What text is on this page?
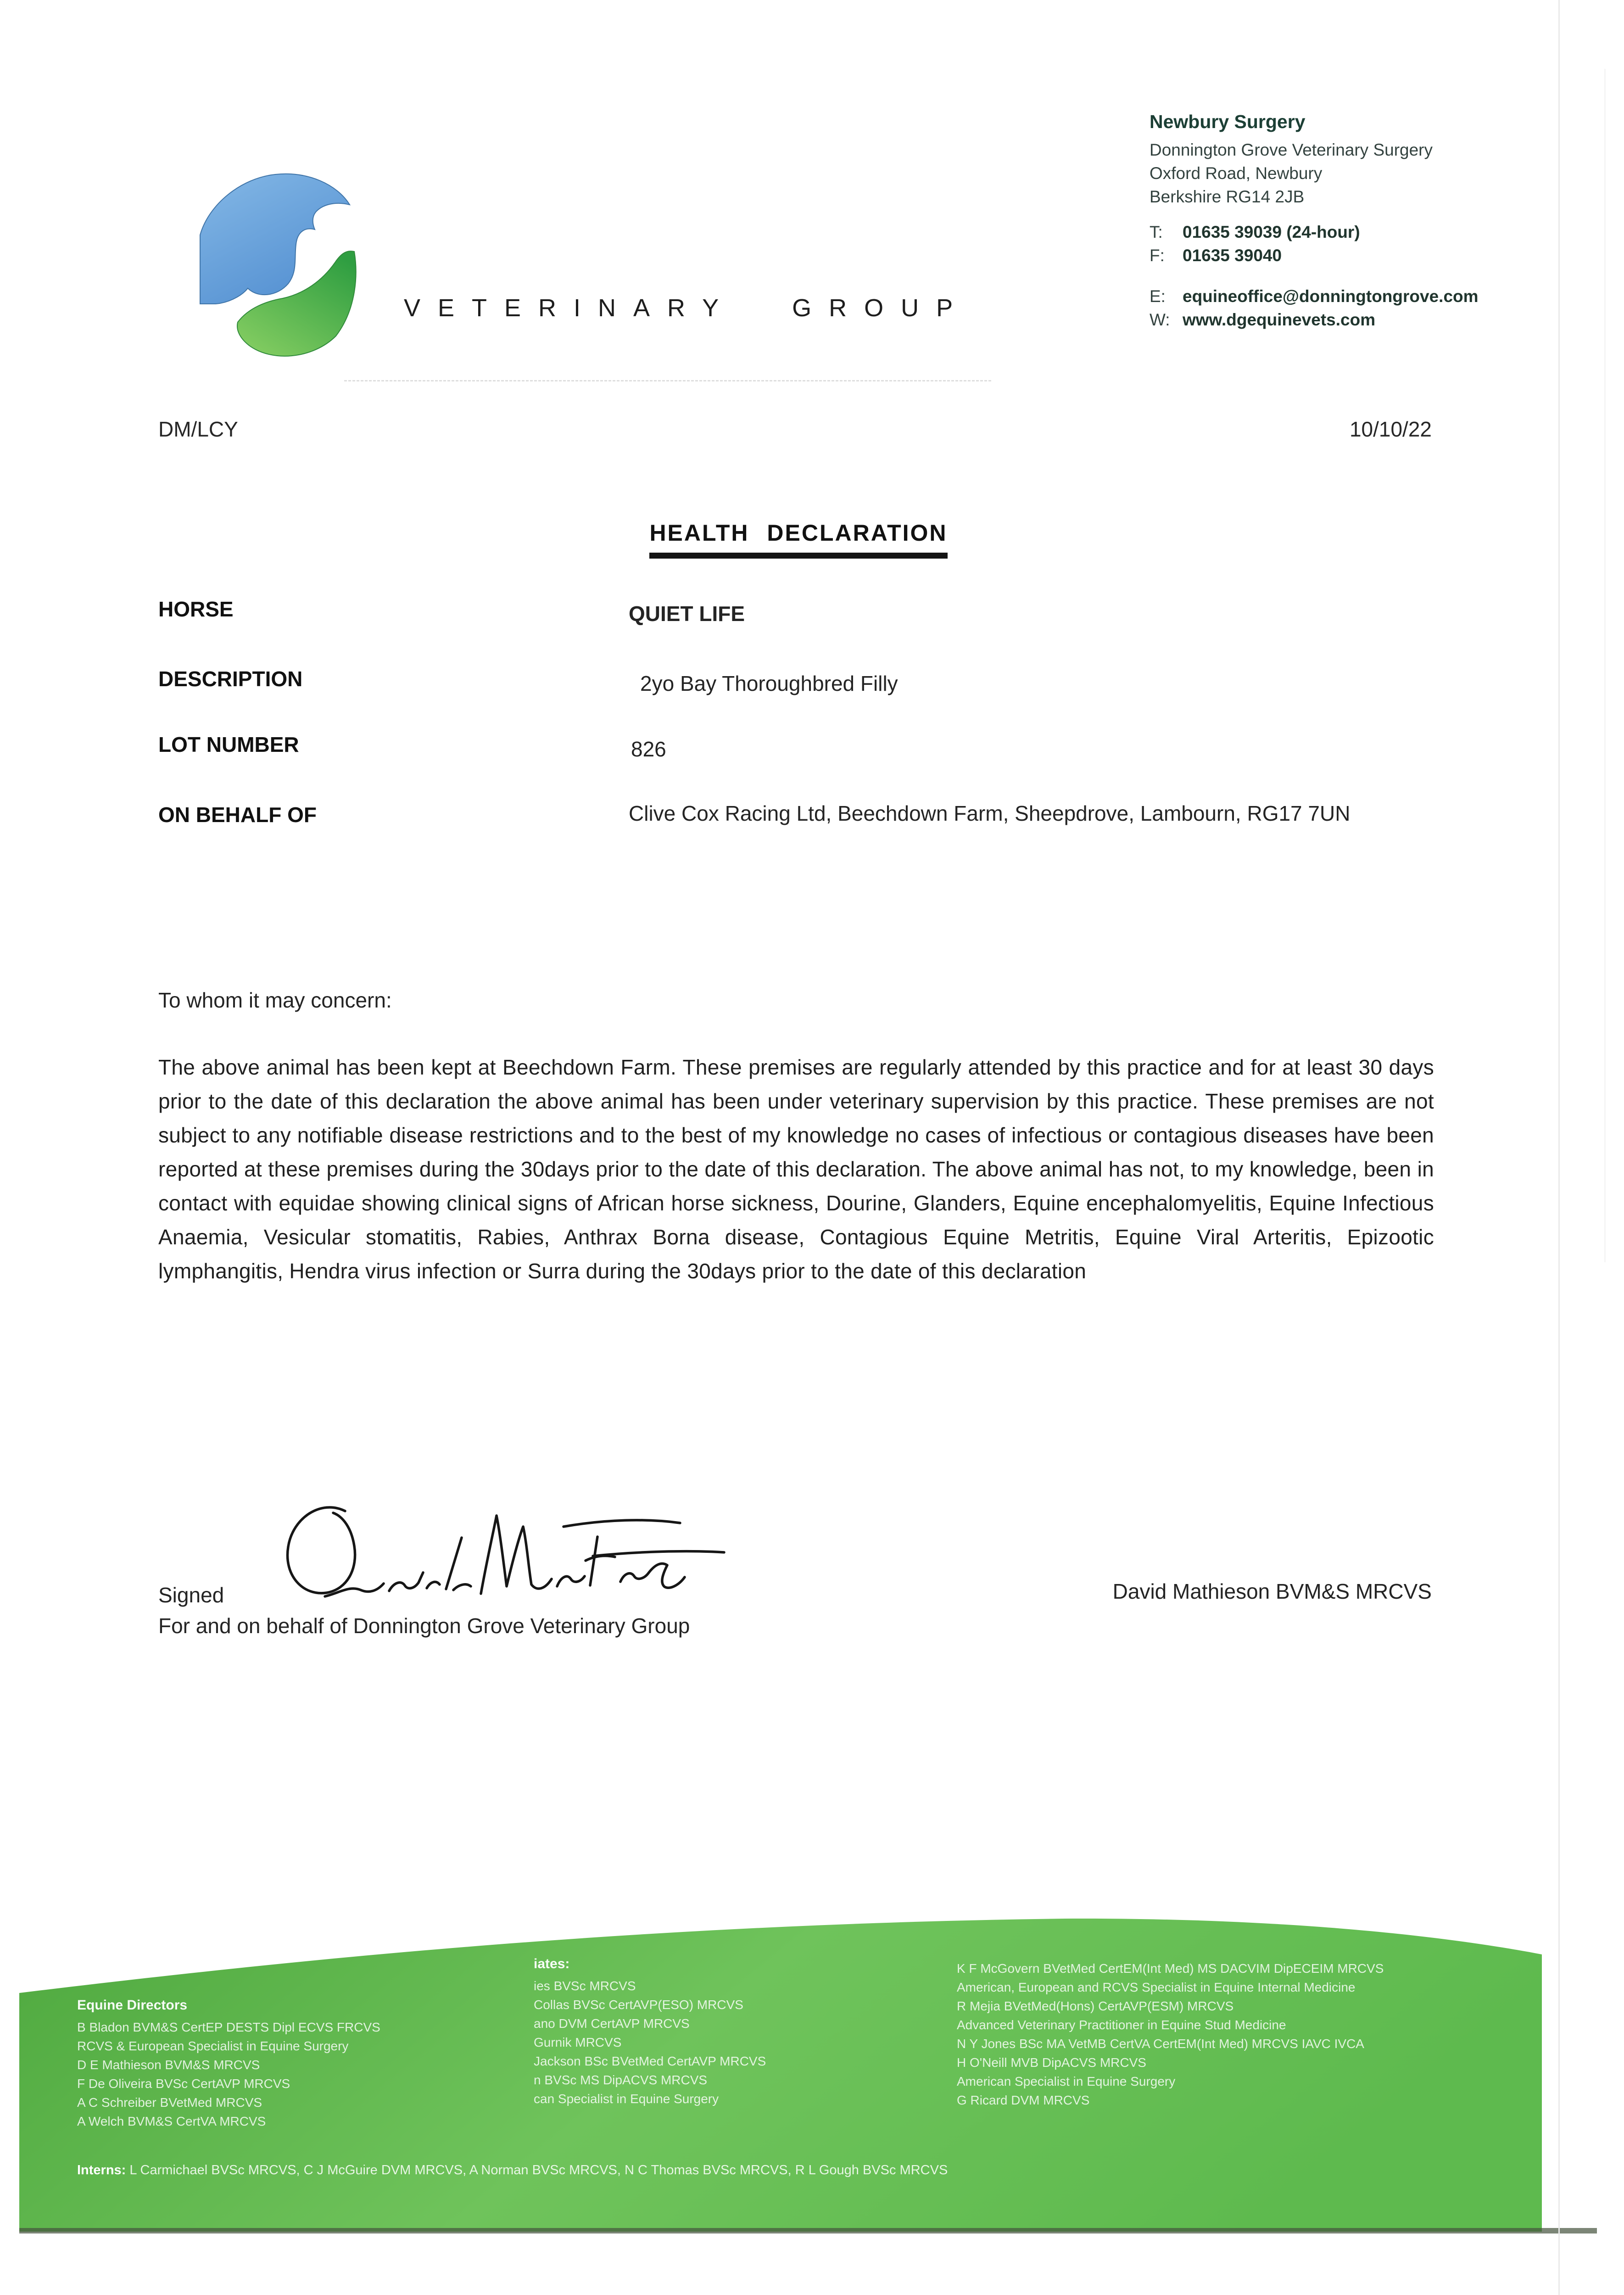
VETERINARY GROUP
Newbury Surgery
Donnington Grove Veterinary Surgery
Oxford Road, Newbury
Berkshire RG14 2JB
T:	01635 39039 (24-hour)
F:	01635 39040
E:	equineoffice@donningtongrove.com
W: www.dgequinevets.com
DM/LCY	10/10/22
HEALTH DECLARATION
HORSE	QUIET LIFE
DESCRIPTION	2yo Bay Thoroughbred Filly
LOT NUMBER	826
ON BEHALF OF	Clive Cox Racing Ltd, Beechdown Farm, Sheepdrove, Lambourn, RG17 7UN
To whom it may concern:
The above animal has been kept at Beechdown Farm. These premises are regularly attended by this practice and for at least 30 days prior to the date of this declaration the above animal has been under veterinary supervision by this practice. These premises are not subject to any notifiable disease restrictions and to the best of my knowledge no cases of infectious or contagious diseases have been reported at these premises during the 30days prior to the date of this declaration. The above animal has not, to my knowledge, been in contact with equidae showing clinical signs of African horse sickness, Dourine, Glanders, Equine encephalomyelitis, Equine Infectious Anaemia, Vesicular stomatitis, Rabies, Anthrax Borna disease, Contagious Equine Metritis, Equine Viral Arteritis, Epizootic lymphangitis, Hendra virus infection or Surra during the 30days prior to the date of this declaration
Signed	David Mathieson BVM&S MRCVS
For and on behalf of Donnington Grove Veterinary Group
Equine Directors
B Bladon BVM&S CertEP DESTS Dipl ECVS FRCVS
RCVS & European Specialist in Equine Surgery
D E Mathieson BVM&S MRCVS
F De Oliveira BVSc CertAVP MRCVS
A C Schreiber BVetMed MRCVS
A Welch BVM&S CertVA MRCVS
iates:
ies BVSc MRCVS
Collas BVSc CertAVP(ESO) MRCVS
ano DVM CertAVP MRCVS
Gurnik MRCVS
Jackson BSc BVetMed CertAVP MRCVS
n BVSc MS DipACVS MRCVS
can Specialist in Equine Surgery
K F McGovern BVetMed CertEM(Int Med) MS DACVIM DipECEIM MRCVS
American, European and RCVS Specialist in Equine Internal Medicine
R Mejia BVetMed(Hons) CertAVP(ESM) MRCVS
Advanced Veterinary Practitioner in Equine Stud Medicine
N Y Jones BSc MA VetMB CertVA CertEM(Int Med) MRCVS IAVC IVCA
H O'Neill MVB DipACVS MRCVS
American Specialist in Equine Surgery
G Ricard DVM MRCVS
Interns: L Carmichael BVSc MRCVS, C J McGuire DVM MRCVS, A Norman BVSc MRCVS, N C Thomas BVSc MRCVS, R L Gough BVSc MRCVS
